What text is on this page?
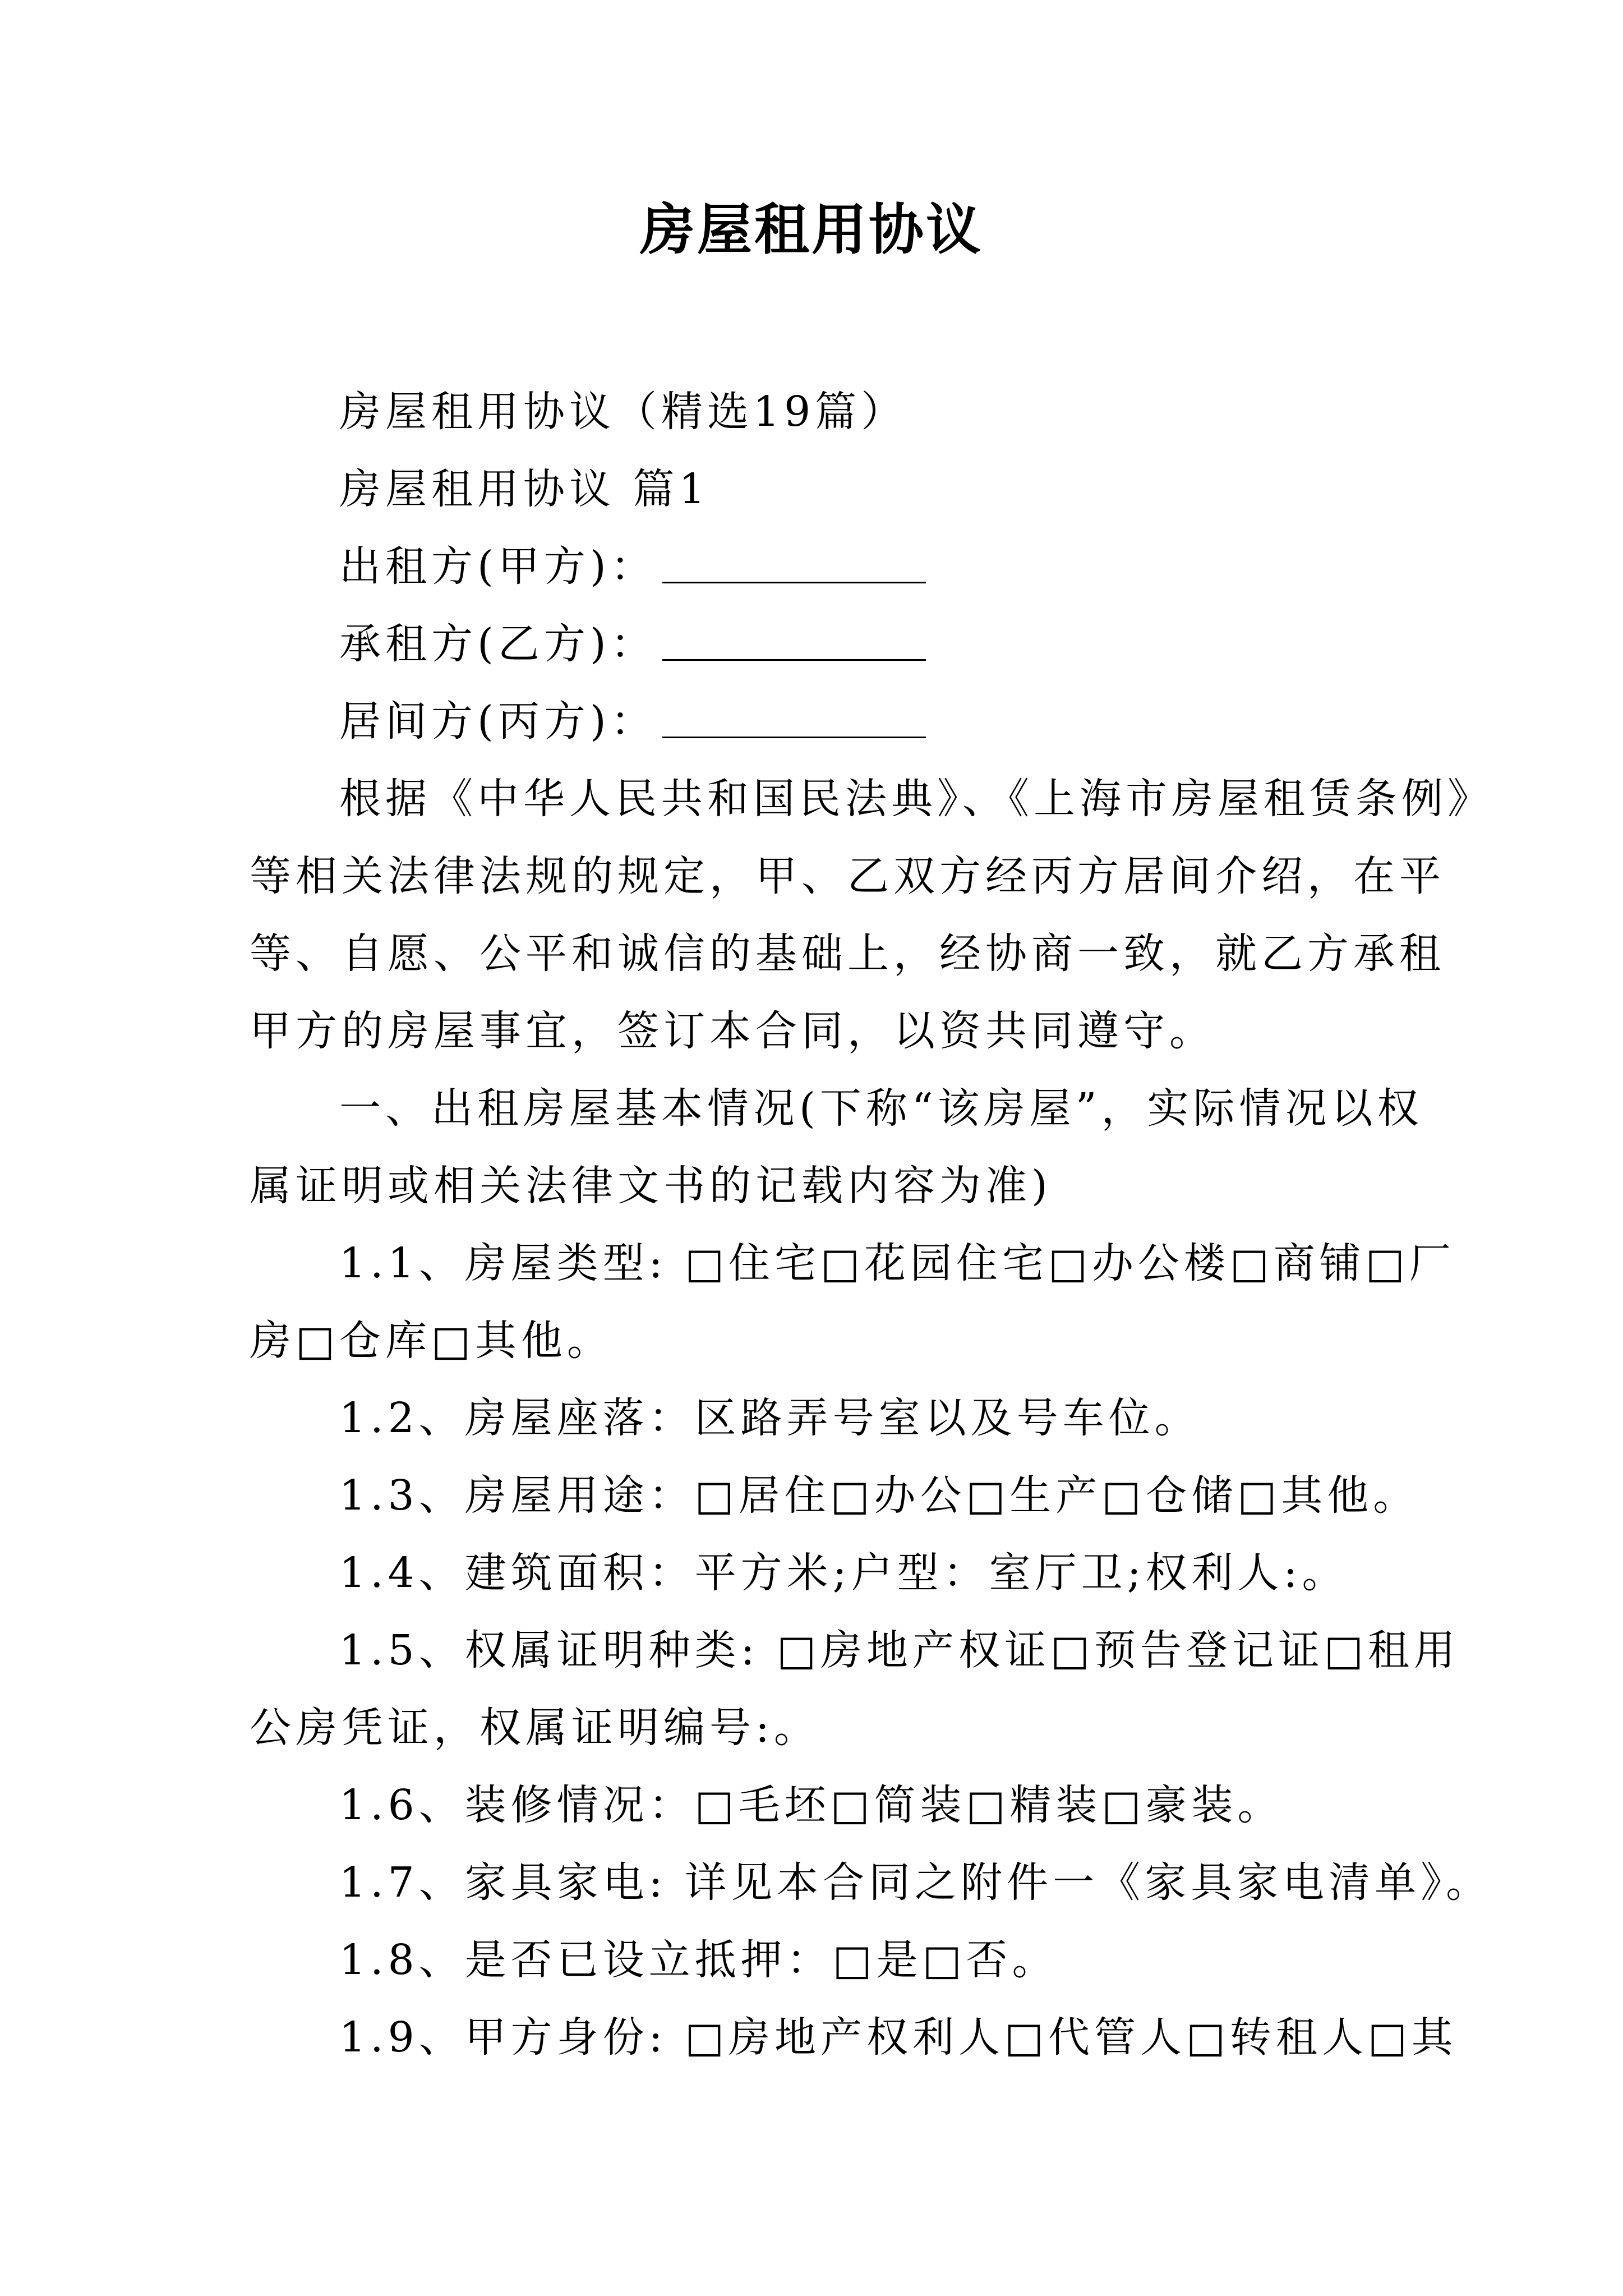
房屋租用协议
房屋租用协议（精选19篇）
房屋租用协议 篇1
出租方(甲方)：
承租方(乙方)：
居间方(丙方)：
根据《中华人民共和国民法典》、《上海市房屋租赁条例》
等相关法律法规的规定，甲、乙双方经丙方居间介绍，在平
等、自愿、公平和诚信的基础上，经协商一致，就乙方承租
甲方的房屋事宜，签订本合同，以资共同遵守。
一、出租房屋基本情况(下称“该房屋”，实际情况以权
属证明或相关法律文书的记载内容为准)
1.1、房屋类型: □住宅□花园住宅□办公楼□商铺□厂
房□仓库□其他。
1.2、房屋座落：区路弄号室以及号车位。
1.3、房屋用途：□居住□办公□生产□仓储□其他。
1.4、建筑面积：平方米;户型：室厅卫;权利人:。
1.5、权属证明种类: □房地产权证□预告登记证□租用
公房凭证，权属证明编号:。
1.6、装修情况：□毛坯□简装□精装□豪装。
1.7、家具家电: 详见本合同之附件一《家具家电清单》。
1.8、是否已设立抵押：□是□否。
1.9、甲方身份: □房地产权利人□代管人□转租人□其
